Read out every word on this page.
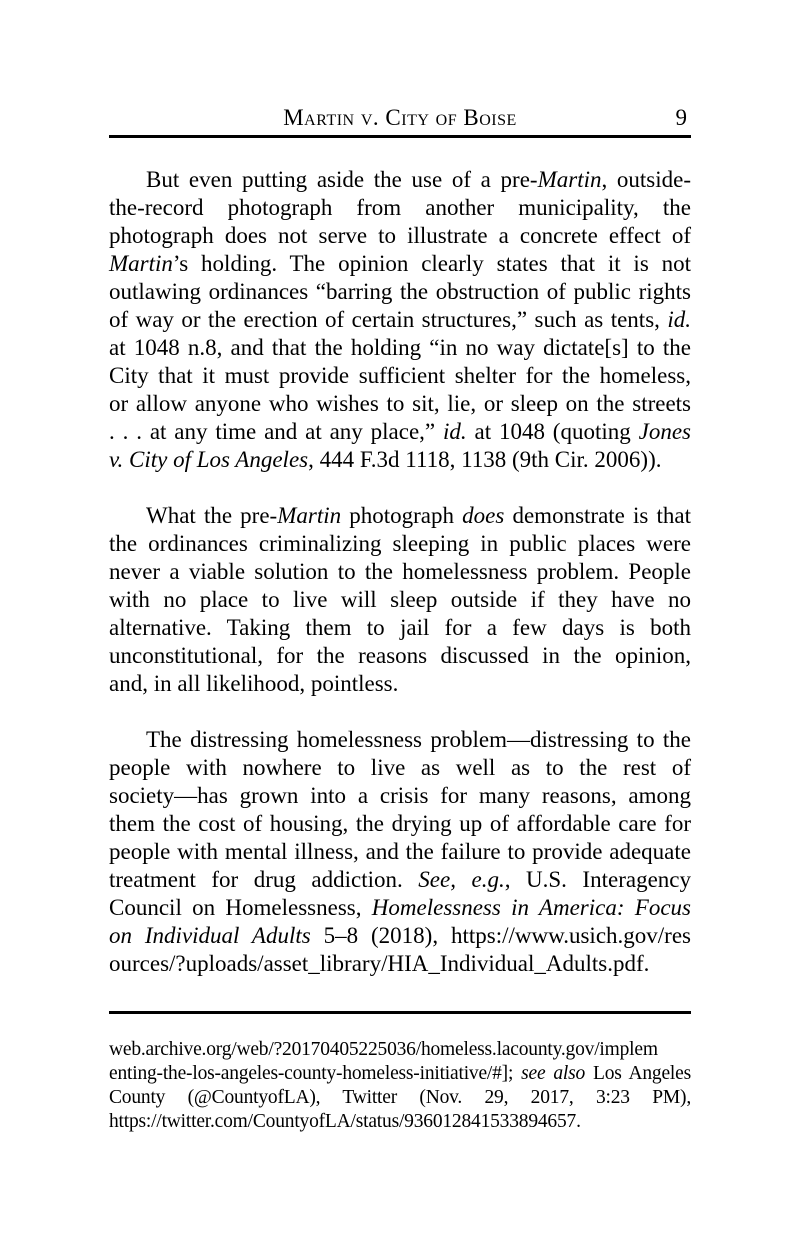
Martin v. City of Boise	9
But even putting aside the use of a pre-Martin, outside-
the-record photograph from another municipality, the
photograph does not serve to illustrate a concrete effect of
Martin’s holding. The opinion clearly states that it is not
outlawing ordinances “barring the obstruction of public rights
of way or the erection of certain structures,” such as tents, id.
at 1048 n.8, and that the holding “in no way dictate[s] to the
City that it must provide sufficient shelter for the homeless,
or allow anyone who wishes to sit, lie, or sleep on the streets
. . . at any time and at any place,” id. at 1048 (quoting Jones
v. City of Los Angeles, 444 F.3d 1118, 1138 (9th Cir. 2006)).
What the pre-Martin photograph does demonstrate is that
the ordinances criminalizing sleeping in public places were
never a viable solution to the homelessness problem. People
with no place to live will sleep outside if they have no
alternative. Taking them to jail for a few days is both
unconstitutional, for the reasons discussed in the opinion,
and, in all likelihood, pointless.
The distressing homelessness problem—distressing to the
people with nowhere to live as well as to the rest of
society—has grown into a crisis for many reasons, among
them the cost of housing, the drying up of affordable care for
people with mental illness, and the failure to provide adequate
treatment for drug addiction. See, e.g., U.S. Interagency
Council on Homelessness, Homelessness in America: Focus
on Individual Adults 5–8 (2018), https://www.usich.gov/res
ources/?uploads/asset_library/HIA_Individual_Adults.pdf.
web.archive.org/web/?20170405225036/homeless.lacounty.gov/implem
enting-the-los-angeles-county-homeless-initiative/#]; see also Los Angeles
County (@CountyofLA), Twitter (Nov. 29, 2017, 3:23 PM),
https://twitter.com/CountyofLA/status/936012841533894657.
